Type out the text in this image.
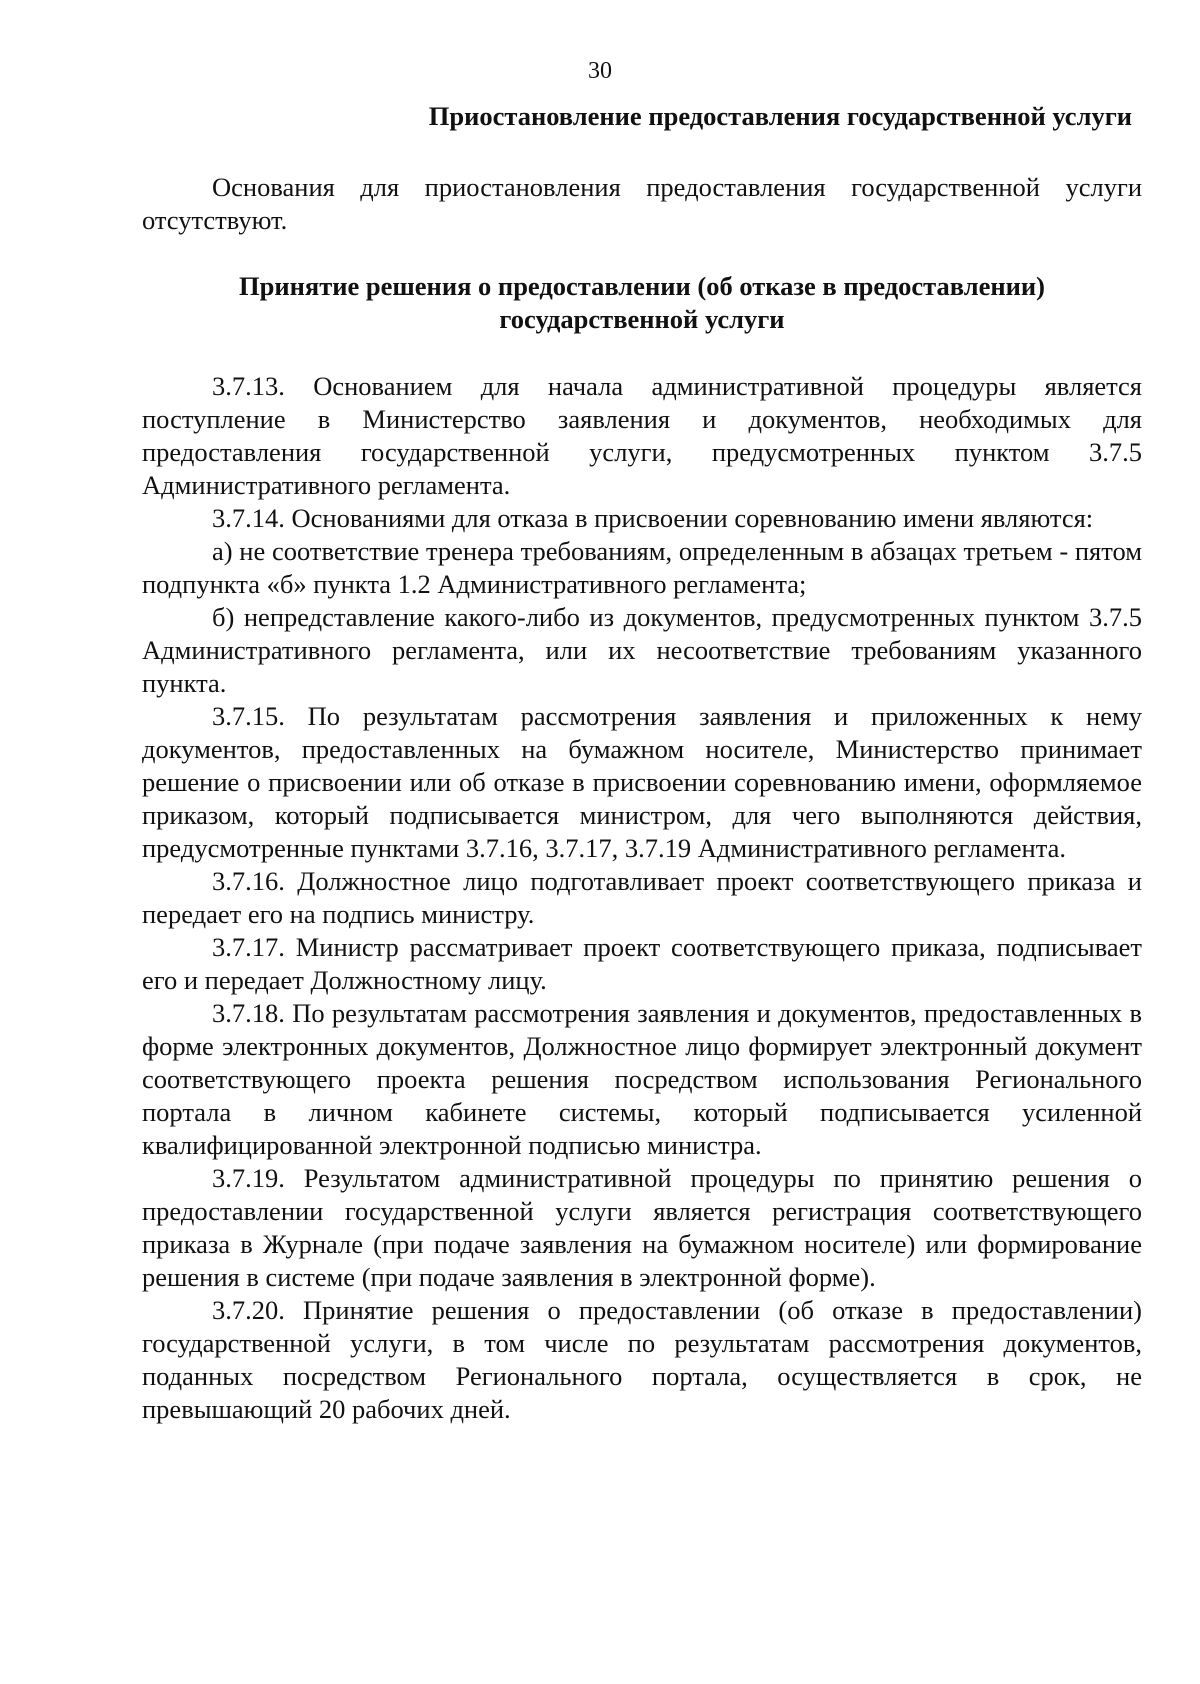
30
Приостановление предоставления государственной услуги

Основания для приостановления предоставления государственной услуги отсутствуют.

Принятие решения о предоставлении (об отказе в предоставлении)
государственной услуги

3.7.13. Основанием для начала административной процедуры является поступление в Министерство заявления и документов, необходимых для предоставления государственной услуги, предусмотренных пунктом 3.7.5 Административного регламента.

3.7.14. Основаниями для отказа в присвоении соревнованию имени являются:

а) не соответствие тренера требованиям, определенным в абзацах третьем - пятом подпункта «б» пункта 1.2 Административного регламента;

б) непредставление какого-либо из документов, предусмотренных пунктом 3.7.5 Административного регламента, или их несоответствие требованиям указанного пункта.

3.7.15. По результатам рассмотрения заявления и приложенных к нему документов, предоставленных на бумажном носителе, Министерство принимает решение о присвоении или об отказе в присвоении соревнованию имени, оформляемое приказом, который подписывается министром, для чего выполняются действия, предусмотренные пунктами 3.7.16, 3.7.17, 3.7.19 Административного регламента.

3.7.16. Должностное лицо подготавливает проект соответствующего приказа и передает его на подпись министру.

3.7.17. Министр рассматривает проект соответствующего приказа, подписывает его и передает Должностному лицу.

3.7.18. По результатам рассмотрения заявления и документов, предоставленных в форме электронных документов, Должностное лицо формирует электронный документ соответствующего проекта решения посредством использования Регионального портала в личном кабинете системы, который подписывается усиленной квалифицированной электронной подписью министра.

3.7.19. Результатом административной процедуры по принятию решения о предоставлении государственной услуги является регистрация соответствующего приказа в Журнале (при подаче заявления на бумажном носителе) или формирование решения в системе (при подаче заявления в электронной форме).

3.7.20. Принятие решения о предоставлении (об отказе в предоставлении) государственной услуги, в том числе по результатам рассмотрения документов, поданных посредством Регионального портала, осуществляется в срок, не превышающий 20 рабочих дней.
